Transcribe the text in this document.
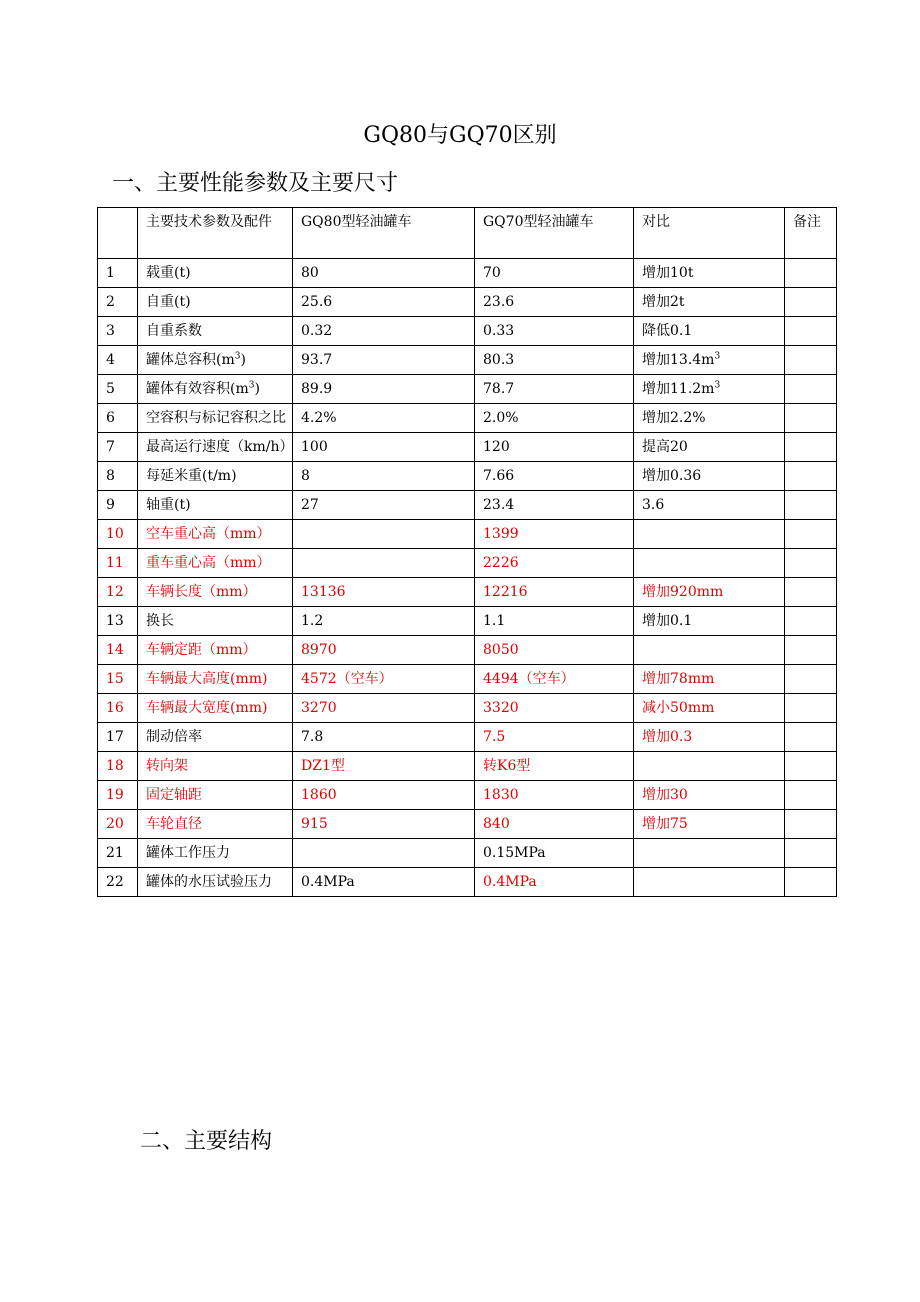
GQ80与GQ70区别
一、主要性能参数及主要尺寸
	主要技术参数及配件	GQ80型轻油罐车	GQ70型轻油罐车	对比	备注
1	载重(t)	80	70	增加10t	
2	自重(t)	25.6	23.6	增加2t	
3	自重系数	0.32	0.33	降低0.1	
4	罐体总容积$(m^3)$	93.7	80.3	增加$13.4m^3$	
5	罐体有效容积$(m^3)$	89.9	78.7	增加$11.2m^3$	
6	空容积与标记容积之比	4.2%	2.0%	增加2.2%	
7	最高运行速度（km/h）	100	120	提高20	
8	每延米重(t/m)	8	7.66	增加0.36	
9	轴重(t)	27	23.4	3.6	
10	空车重心高（mm）		1399		
11	重车重心高（mm）		2226		
12	车辆长度（mm）	13136	12216	增加920mm	
13	换长	1.2	1.1	增加0.1	
14	车辆定距（mm）	8970	8050		
15	车辆最大高度(mm)	4572（空车）	4494（空车）	增加78mm	
16	车辆最大宽度(mm)	3270	3320	减小50mm	
17	制动倍率	7.8	7.5	增加0.3	
18	转向架	DZ1型	转K6型		
19	固定轴距	1860	1830	增加30	
20	车轮直径	915	840	增加75	
21	罐体工作压力		0.15MPa		
22	罐体的水压试验压力	0.4MPa	0.4MPa		
二、主要结构
